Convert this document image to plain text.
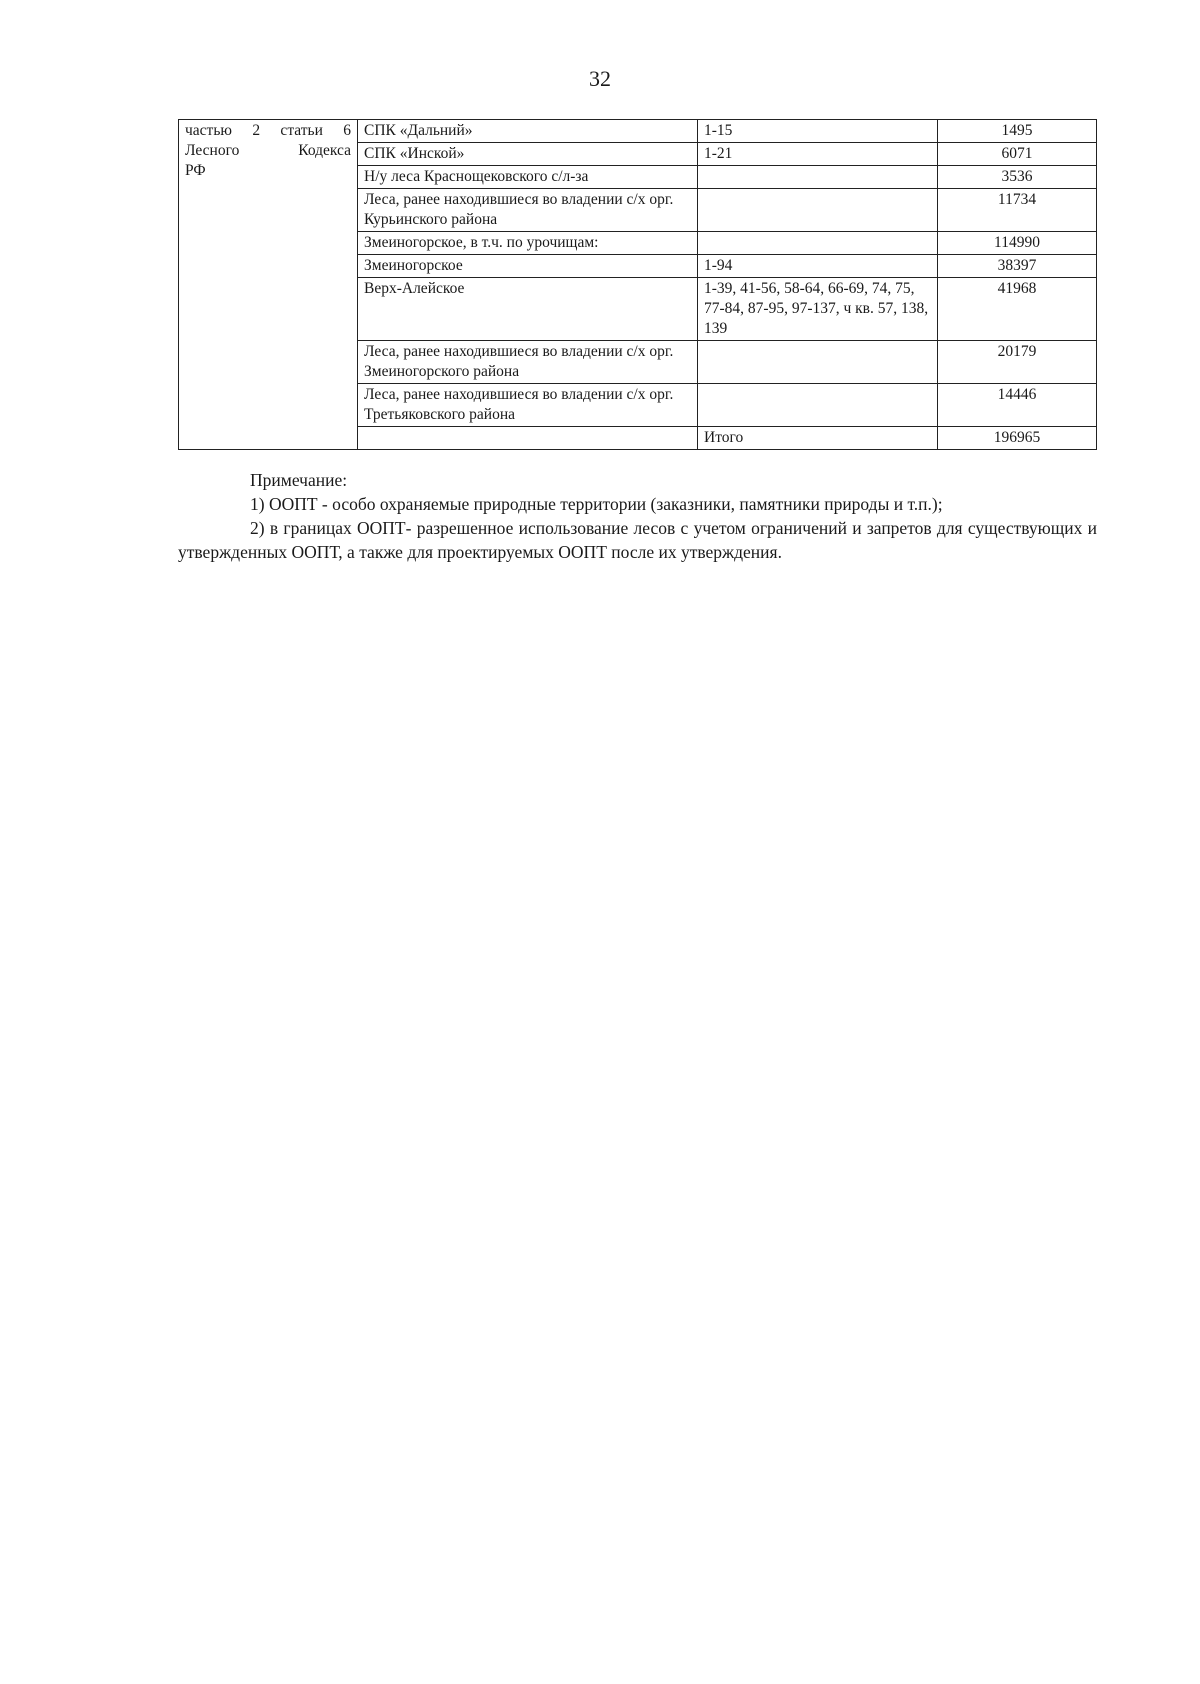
32
частью 2 статьи 6
Лесного Кодекса
РФ	СПК «Дальний»	1-15	1495
	СПК «Инской»	1-21	6071
	Н/у леса Краснощековского с/л-за		3536
	Леса, ранее находившиеся во владении с/х орг. Курьинского района		11734
	Змеиногорское, в т.ч. по урочищам:		114990
	Змеиногорское	1-94	38397
	Верх-Алейское	1-39, 41-56, 58-64, 66-69, 74, 75, 77-84, 87-95, 97-137, ч кв. 57, 138, 139	41968
	Леса, ранее находившиеся во владении с/х орг. Змеиногорского района		20179
	Леса, ранее находившиеся во владении с/х орг. Третьяковского района		14446
		Итого	196965

Примечание:

1) ООПТ - особо охраняемые природные территории (заказники, памятники природы и т.п.);

2) в границах ООПТ- разрешенное использование лесов с учетом ограничений и запретов для существующих и утвержденных ООПТ, а также для проектируемых ООПТ после их утверждения.
